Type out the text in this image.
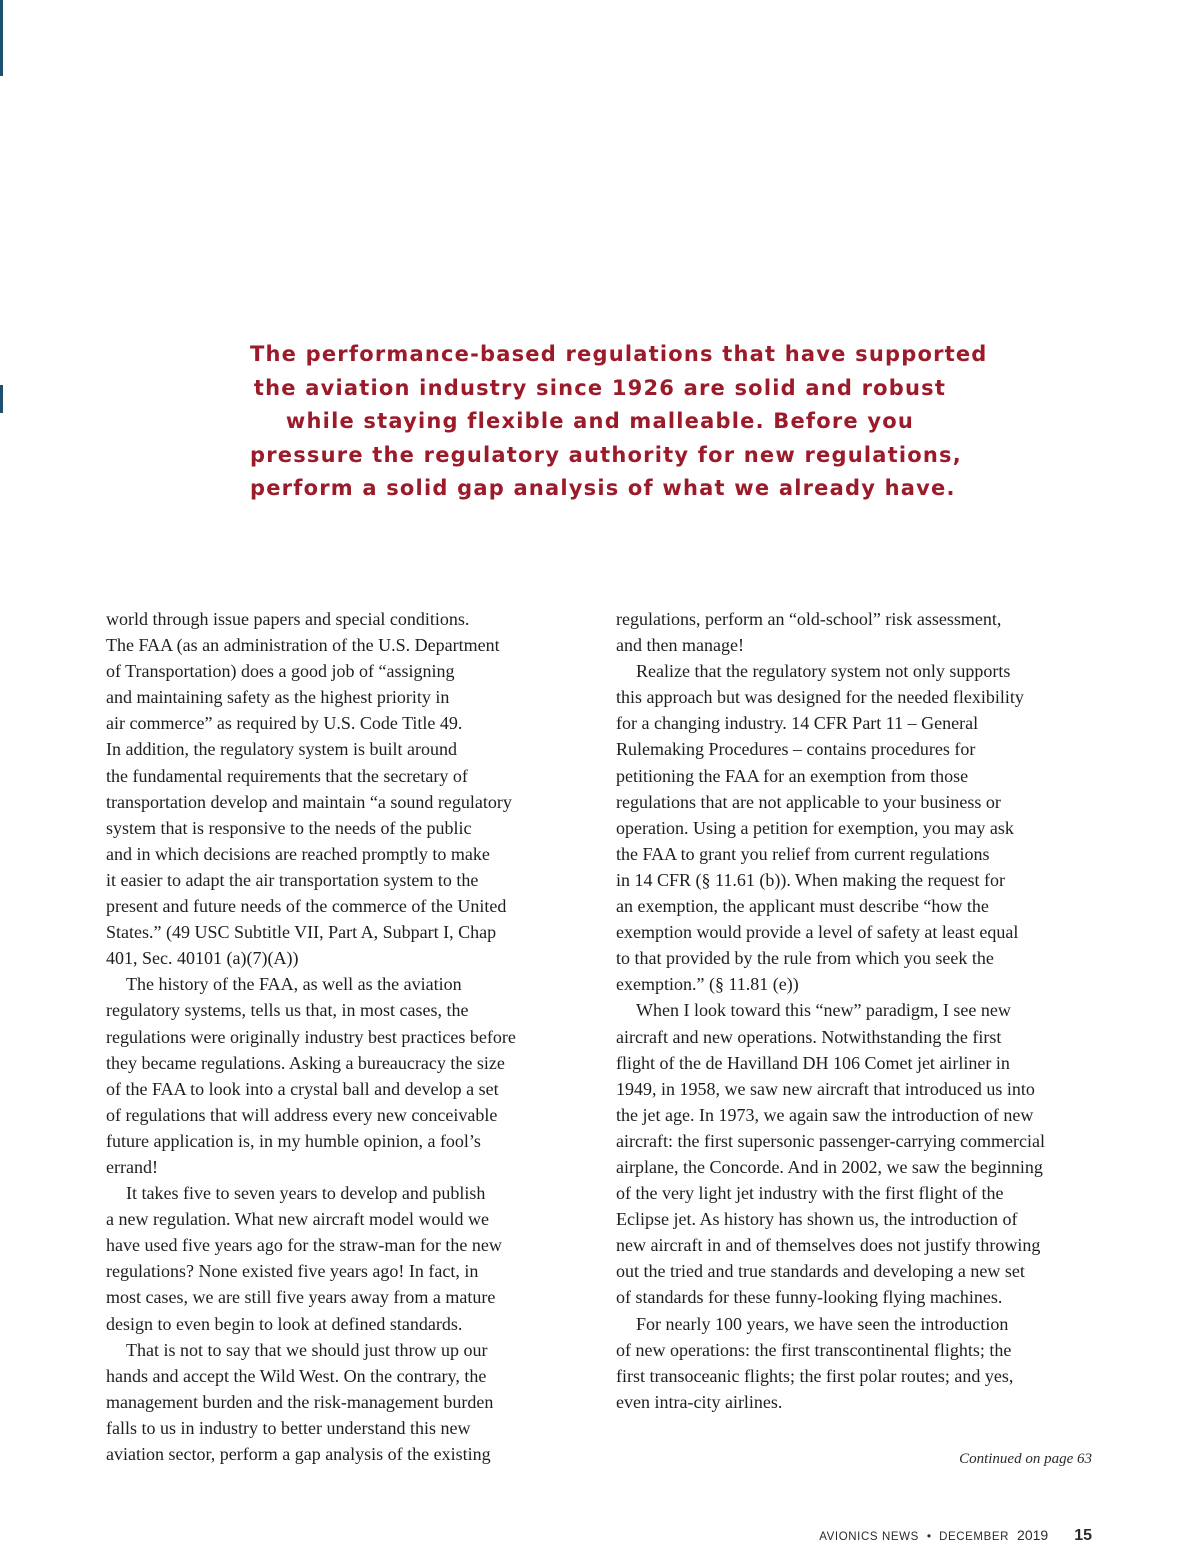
The performance-based regulations that have supported
the aviation industry since 1926 are solid and robust
while staying flexible and malleable. Before you
pressure the regulatory authority for new regulations,
perform a solid gap analysis of what we already have.
world through issue papers and special conditions.
The FAA (as an administration of the U.S. Department
of Transportation) does a good job of “assigning
and maintaining safety as the highest priority in
air commerce” as required by U.S. Code Title 49.
In addition, the regulatory system is built around
the fundamental requirements that the secretary of
transportation develop and maintain “a sound regulatory
system that is responsive to the needs of the public
and in which decisions are reached promptly to make
it easier to adapt the air transportation system to the
present and future needs of the commerce of the United
States.” (49 USC Subtitle VII, Part A, Subpart I, Chap
401, Sec. 40101 (a)(7)(A))
The history of the FAA, as well as the aviation
regulatory systems, tells us that, in most cases, the
regulations were originally industry best practices before
they became regulations. Asking a bureaucracy the size
of the FAA to look into a crystal ball and develop a set
of regulations that will address every new conceivable
future application is, in my humble opinion, a fool’s
errand!
It takes five to seven years to develop and publish
a new regulation. What new aircraft model would we
have used five years ago for the straw-man for the new
regulations? None existed five years ago! In fact, in
most cases, we are still five years away from a mature
design to even begin to look at defined standards.
That is not to say that we should just throw up our
hands and accept the Wild West. On the contrary, the
management burden and the risk-management burden
falls to us in industry to better understand this new
aviation sector, perform a gap analysis of the existing
regulations, perform an “old-school” risk assessment,
and then manage!
Realize that the regulatory system not only supports
this approach but was designed for the needed flexibility
for a changing industry. 14 CFR Part 11 – General
Rulemaking Procedures – contains procedures for
petitioning the FAA for an exemption from those
regulations that are not applicable to your business or
operation. Using a petition for exemption, you may ask
the FAA to grant you relief from current regulations
in 14 CFR (§ 11.61 (b)). When making the request for
an exemption, the applicant must describe “how the
exemption would provide a level of safety at least equal
to that provided by the rule from which you seek the
exemption.” (§ 11.81 (e))
When I look toward this “new” paradigm, I see new
aircraft and new operations. Notwithstanding the first
flight of the de Havilland DH 106 Comet jet airliner in
1949, in 1958, we saw new aircraft that introduced us into
the jet age. In 1973, we again saw the introduction of new
aircraft: the first supersonic passenger-carrying commercial
airplane, the Concorde. And in 2002, we saw the beginning
of the very light jet industry with the first flight of the
Eclipse jet. As history has shown us, the introduction of
new aircraft in and of themselves does not justify throwing
out the tried and true standards and developing a new set
of standards for these funny-looking flying machines.
For nearly 100 years, we have seen the introduction
of new operations: the first transcontinental flights; the
first transoceanic flights; the first polar routes; and yes,
even intra-city airlines.
Continued on page 63
AVIONICS NEWS • DECEMBER 2019 15
